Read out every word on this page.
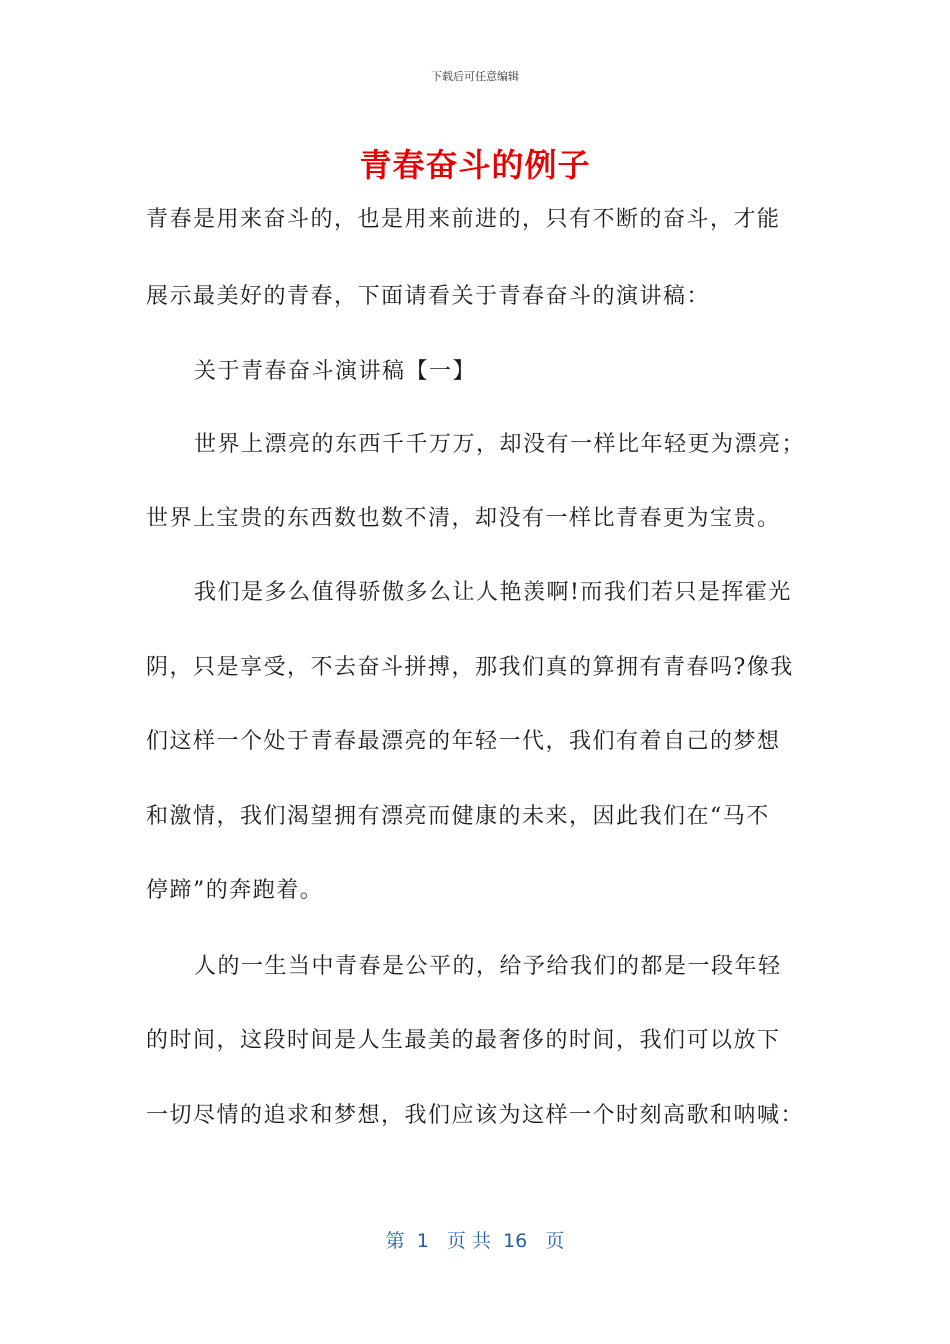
下载后可任意编辑
青春奋斗的例子
青春是用来奋斗的，也是用来前进的，只有不断的奋斗，才能
展示最美好的青春，下面请看关于青春奋斗的演讲稿：
关于青春奋斗演讲稿【一】
世界上漂亮的东西千千万万，却没有一样比年轻更为漂亮；
世界上宝贵的东西数也数不清，却没有一样比青春更为宝贵。
我们是多么值得骄傲多么让人艳羡啊!而我们若只是挥霍光
阴，只是享受，不去奋斗拼搏，那我们真的算拥有青春吗?像我
们这样一个处于青春最漂亮的年轻一代，我们有着自己的梦想
和激情，我们渴望拥有漂亮而健康的未来，因此我们在“马不
停蹄”的奔跑着。
人的一生当中青春是公平的，给予给我们的都是一段年轻
的时间，这段时间是人生最美的最奢侈的时间，我们可以放下
一切尽情的追求和梦想，我们应该为这样一个时刻高歌和呐喊：
第  1   页 共  16   页
